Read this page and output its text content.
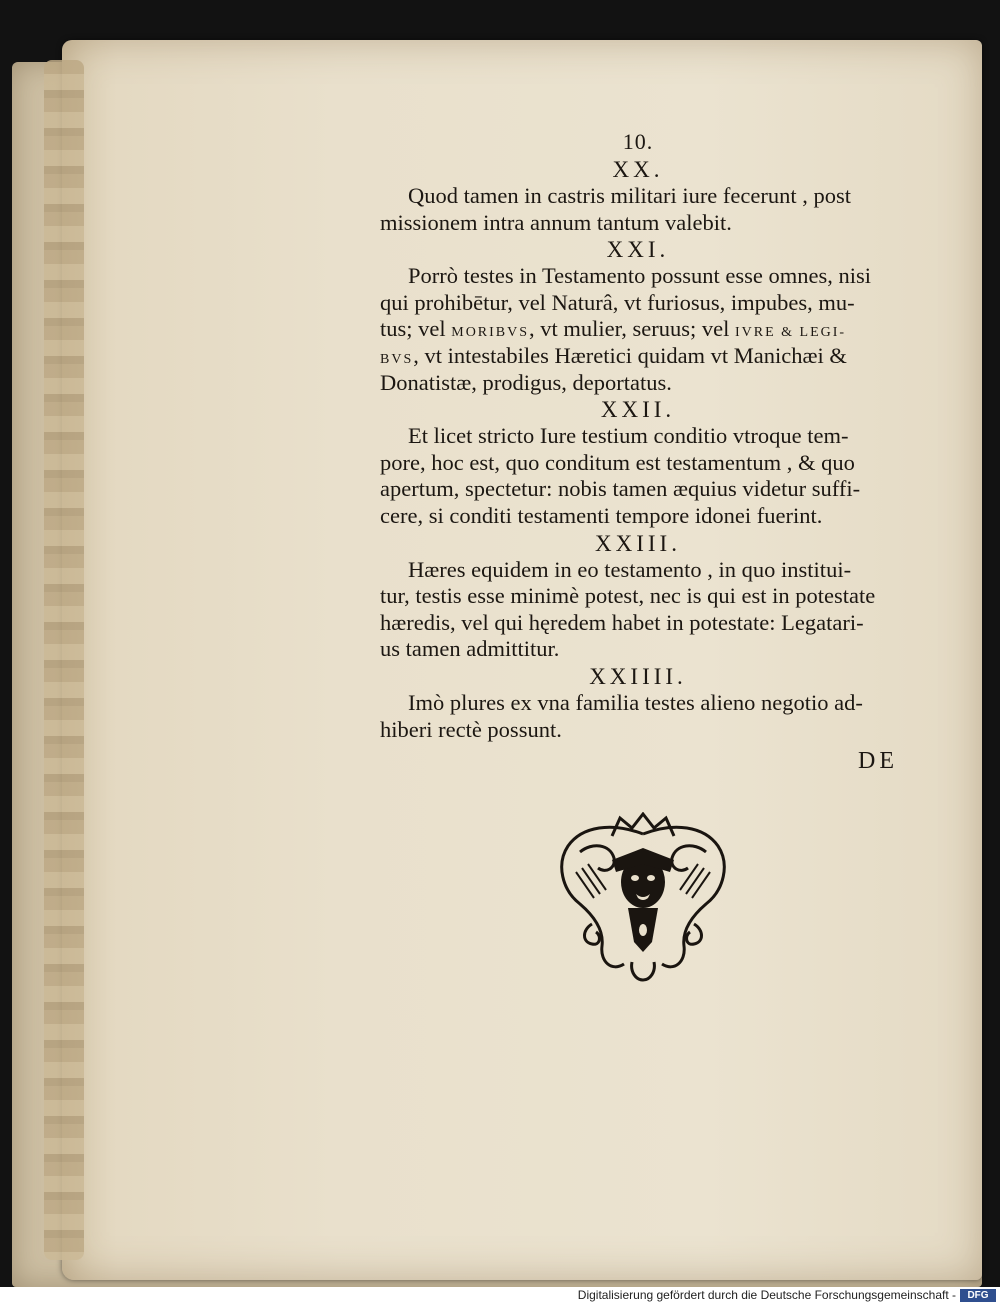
10.
XX.

Quod tamen in castris militari iure fecerunt , post

missionem intra annum tantum valebit.

XXI.

Porrò testes in Testamento possunt esse omnes, nisi

qui prohibētur, vel Naturâ, vt furiosus, impubes, mu-

tus; vel MORIBVS, vt mulier, seruus; vel IVRE & LEGI-

BVS, vt intestabiles Hæretici quidam vt Manichæi &

Donatistæ, prodigus, deportatus.

XXII.

Et licet stricto Iure testium conditio vtroque tem-

pore, hoc est, quo conditum est testamentum , & quo

apertum, spectetur: nobis tamen æquius videtur suffi-

cere, si conditi testamenti tempore idonei fuerint.

XXIII.

Hæres equidem in eo testamento , in quo institui-

tur, testis esse minimè potest, nec is qui est in potestate

hæredis, vel qui hęredem habet in potestate: Legatari-

us tamen admittitur.

XXIIII.

Imò plures ex vna familia testes alieno negotio ad-

hiberi rectè possunt.

DE
Digitalisierung gefördert durch die Deutsche Forschungsgemeinschaft -	DFG
